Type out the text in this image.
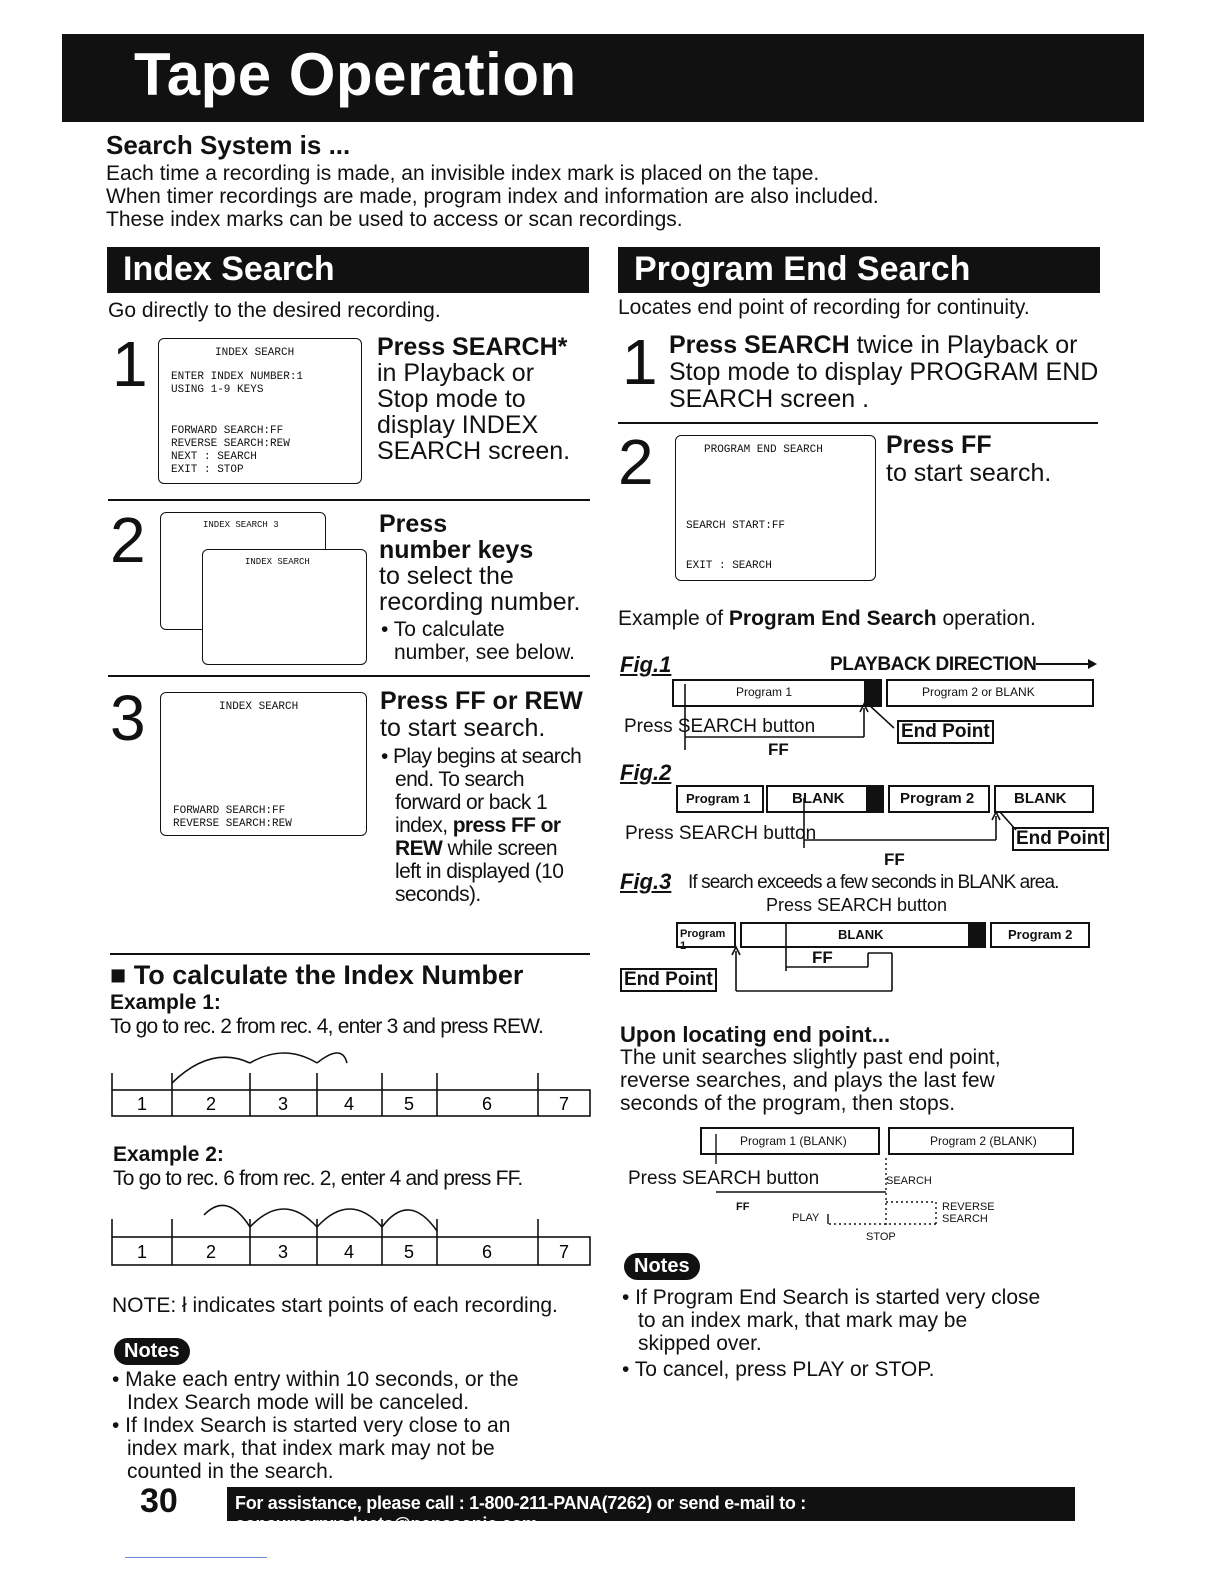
Tape Operation
Search System is ...
Each time a recording is made, an invisible index mark is placed on the tape.
When timer recordings are made, program index and information are also included.
These index marks can be used to access or scan recordings.
Index Search
Go directly to the desired recording.
1	INDEX SEARCH
ENTER INDEX NUMBER:1
USING 1-9 KEYS
FORWARD SEARCH:FF
REVERSE SEARCH:REW
NEXT : SEARCH
EXIT : STOP
Press SEARCH*
in Playback or
Stop mode to
display INDEX
SEARCH screen.
2	INDEX SEARCH 3
INDEX SEARCH
Press
number keys
to select the
recording number.
• To calculate
number, see below.
3	INDEX SEARCH
FORWARD SEARCH:FF
REVERSE SEARCH:REW
Press FF or REW
to start search.
• Play begins at search
end. To search
forward or back 1
index, press FF or
REW while screen
left in displayed (10
seconds).
■ To calculate the Index Number
Example 1:
To go to rec. 2 from rec. 4, enter 3 and press REW.
1	2	3	4	5	6	7
Example 2:
To go to rec. 6 from rec. 2, enter 4 and press FF.
1	2	3	4	5	6	7
NOTE: ł indicates start points of each recording.
Notes
• Make each entry within 10 seconds, or the
Index Search mode will be canceled.
• If Index Search is started very close to an
index mark, that index mark may not be
counted in the search.
Program End Search
Locates end point of recording for continuity.
1 Press SEARCH twice in Playback or
Stop mode to display PROGRAM END
SEARCH screen .
2	PROGRAM END SEARCH
SEARCH START:FF
EXIT : SEARCH
Press FF
to start search.
Example of Program End Search operation.
Fig.1	PLAYBACK DIRECTION
Program 1	Program 2 or BLANK
Press SEARCH button
FF
End Point
Fig.2
Program 1	BLANK	Program 2	BLANK
Press SEARCH button
FF
End Point
Fig.3 If search exceeds a few seconds in BLANK area.
Press SEARCH button
Program 1
BLANK	Program 2
FF
End Point
Upon locating end point...
The unit searches slightly past end point,
reverse searches, and plays the last few
seconds of the program, then stops.
Program 1 (BLANK)	Program 2 (BLANK)
Press SEARCH button	SEARCH
FF
PLAY
REVERSE
SEARCH
STOP
Notes
• If Program End Search is started very close
to an index mark, that mark may be
skipped over.
• To cancel, press PLAY or STOP.
30	For assistance, please call : 1-800-211-PANA(7262) or send e-mail to : consumerproducts@panasonic.com
